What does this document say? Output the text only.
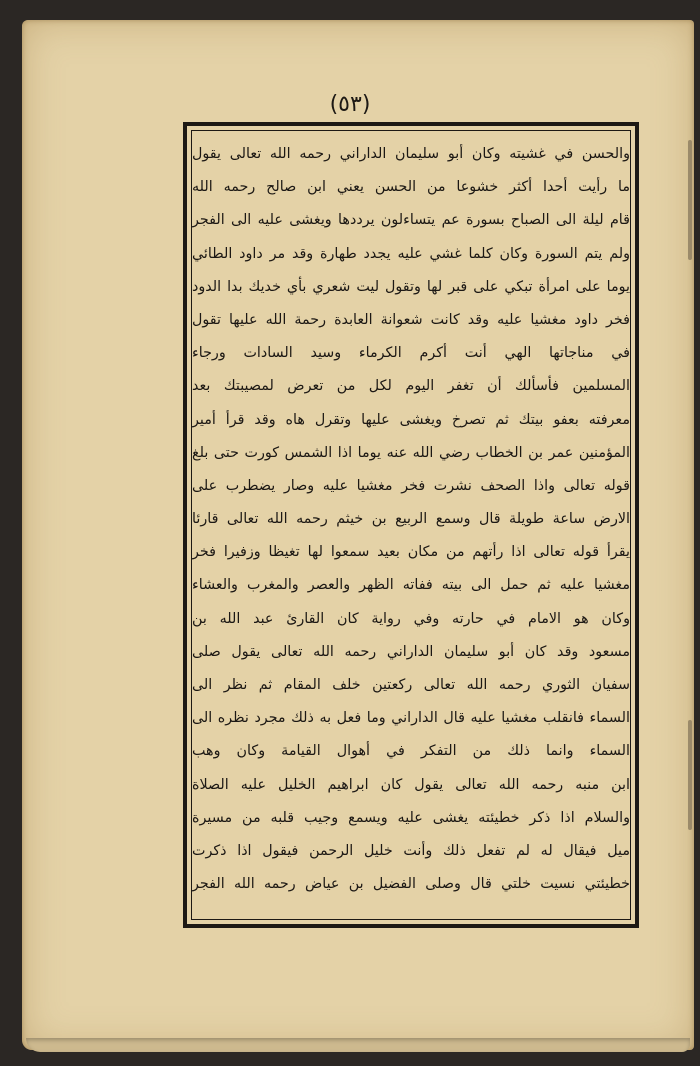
(٥٣)
والحسن في غشيته وكان أبو سليمان الداراني رحمه الله تعالى يقول
ما رأيت أحدا أكثر خشوعا من الحسن يعني ابن صالح رحمه الله
قام ليلة الى الصباح بسورة عم يتساءلون يرددها ويغشى عليه الى الفجر
ولم يتم السورة وكان كلما غشي عليه يجدد طهارة وقد مر داود الطائي
يوما على امرأة تبكي على قبر لها وتقول ليت شعري بأي خديك بدا الدود
فخر داود مغشيا عليه وقد كانت شعوانة العابدة رحمة الله عليها تقول
في مناجاتها الهي أنت أكرم الكرماء وسيد السادات ورجاء
المسلمين فأسألك أن تغفر اليوم لكل من تعرض لمصيبتك بعد
معرفته بعفو بيتك ثم تصرخ ويغشى عليها وتقرل هاه وقد قرأ أمير
المؤمنين عمر بن الخطاب رضي الله عنه يوما اذا الشمس كورت حتى بلغ
قوله تعالى واذا الصحف نشرت فخر مغشيا عليه وصار يضطرب على
الارض ساعة طويلة قال وسمع الربيع بن خيثم رحمه الله تعالى قارئا
يقرأ قوله تعالى اذا رأتهم من مكان بعيد سمعوا لها تغيظا وزفيرا فخر
مغشيا عليه ثم حمل الى بيته ففاته الظهر والعصر والمغرب والعشاء
وكان هو الامام في حارته وفي رواية كان القارئ عبد الله بن
مسعود وقد كان أبو سليمان الداراني رحمه الله تعالى يقول صلى
سفيان الثوري رحمه الله تعالى ركعتين خلف المقام ثم نظر الى
السماء فانقلب مغشيا عليه قال الداراني وما فعل به ذلك مجرد نظره الى
السماء وانما ذلك من التفكر في أهوال القيامة وكان وهب
ابن منبه رحمه الله تعالى يقول كان ابراهيم الخليل عليه الصلاة
والسلام اذا ذكر خطيئته يغشى عليه ويسمع وجيب قلبه من مسيرة
ميل فيقال له لم تفعل ذلك وأنت خليل الرحمن فيقول اذا ذكرت
خطيئتي نسيت خلتي قال وصلى الفضيل بن عياض رحمه الله الفجر
